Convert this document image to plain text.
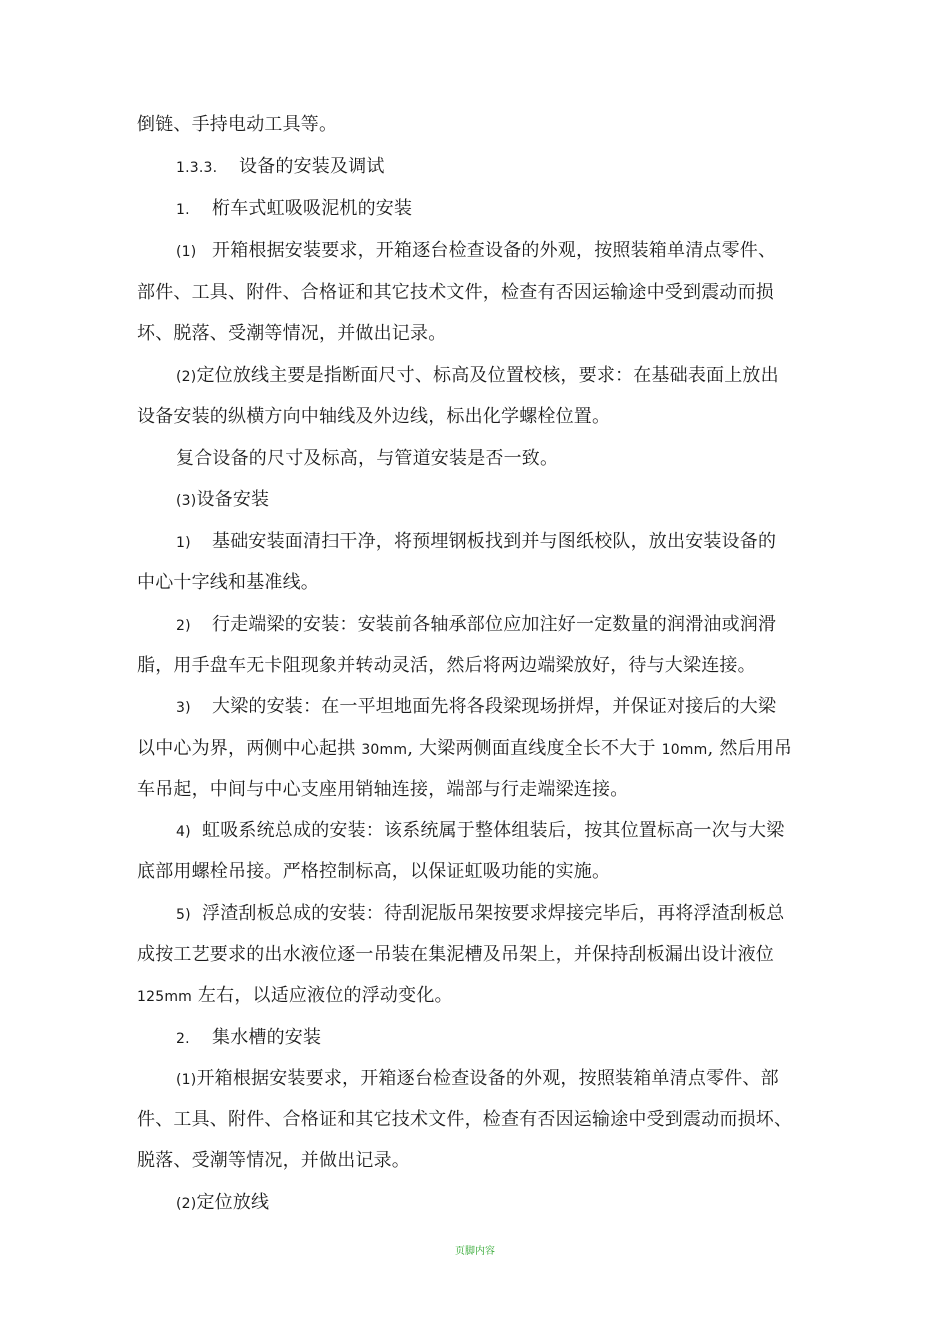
倒链、手持电动工具等。
1.3.3. 设备的安装及调试
1. 桁车式虹吸吸泥机的安装
(1) 开箱根据安装要求，开箱逐台检查设备的外观，按照装箱单清点零件、
部件、工具、附件、合格证和其它技术文件，检查有否因运输途中受到震动而损
坏、脱落、受潮等情况，并做出记录。
(2)定位放线主要是指断面尺寸、标高及位置校核，要求：在基础表面上放出
设备安装的纵横方向中轴线及外边线，标出化学螺栓位置。
复合设备的尺寸及标高，与管道安装是否一致。
(3)设备安装
1) 基础安装面清扫干净，将预埋钢板找到并与图纸校队，放出安装设备的
中心十字线和基准线。
2) 行走端梁的安装：安装前各轴承部位应加注好一定数量的润滑油或润滑
脂，用手盘车无卡阻现象并转动灵活，然后将两边端梁放好，待与大梁连接。
3) 大梁的安装：在一平坦地面先将各段梁现场拼焊，并保证对接后的大梁
以中心为界，两侧中心起拱 30mm, 大梁两侧面直线度全长不大于 10mm, 然后用吊
车吊起，中间与中心支座用销轴连接，端部与行走端梁连接。
4) 虹吸系统总成的安装：该系统属于整体组装后，按其位置标高一次与大梁
底部用螺栓吊接。严格控制标高，以保证虹吸功能的实施。
5) 浮渣刮板总成的安装：待刮泥版吊架按要求焊接完毕后，再将浮渣刮板总
成按工艺要求的出水液位逐一吊装在集泥槽及吊架上，并保持刮板漏出设计液位
125mm 左右，以适应液位的浮动变化。
2. 集水槽的安装
(1)开箱根据安装要求，开箱逐台检查设备的外观，按照装箱单清点零件、部
件、工具、附件、合格证和其它技术文件，检查有否因运输途中受到震动而损坏、
脱落、受潮等情况，并做出记录。
(2)定位放线
页脚内容
